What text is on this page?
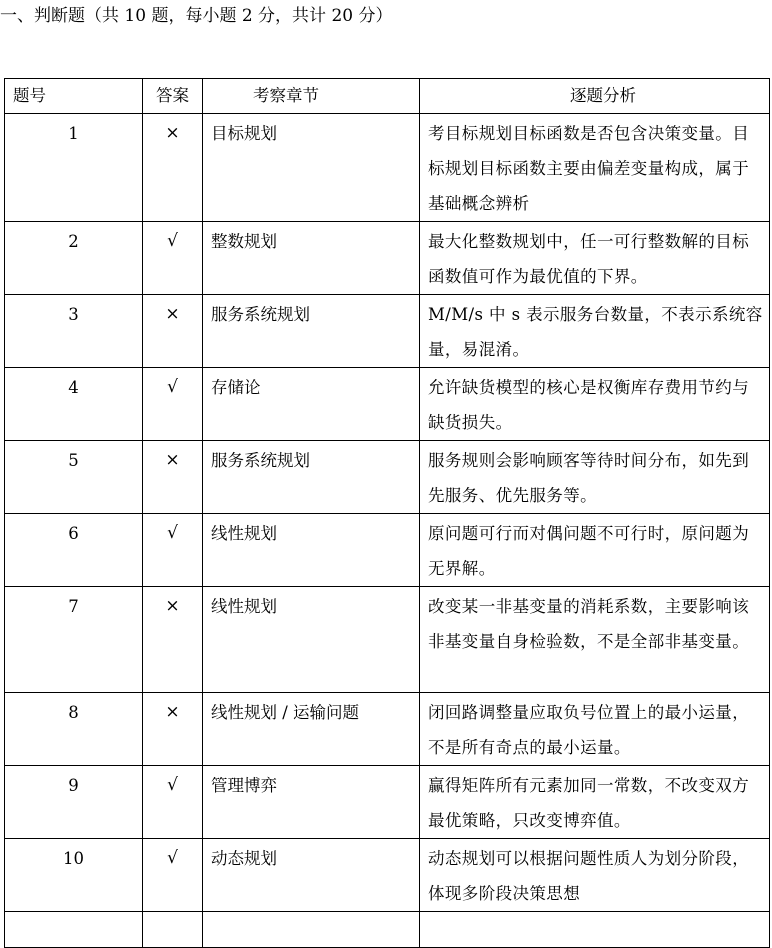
一、判断题（共 10 题，每小题 2 分，共计 20 分）
题号	答案	考察章节	逐题分析

1	×	目标规划	考目标规划目标函数是否包含决策变量。目标规划目标函数主要由偏差变量构成，属于基础概念辨析

2	√	整数规划	最大化整数规划中，任一可行整数解的目标函数值可作为最优值的下界。

3	×	服务系统规划	M/M/s 中 s 表示服务台数量，不表示系统容量，易混淆。

4	√	存储论	允许缺货模型的核心是权衡库存费用节约与缺货损失。

5	×	服务系统规划	服务规则会影响顾客等待时间分布，如先到先服务、优先服务等。

6	√	线性规划	原问题可行而对偶问题不可行时，原问题为无界解。

7	×	线性规划	改变某一非基变量的消耗系数，主要影响该非基变量自身检验数，不是全部非基变量。

8	×	线性规划 / 运输问题	闭回路调整量应取负号位置上的最小运量，不是所有奇点的最小运量。

9	√	管理博弈	赢得矩阵所有元素加同一常数，不改变双方最优策略，只改变博弈值。

10	√	动态规划	动态规划可以根据问题性质人为划分阶段，体现多阶段决策思想
